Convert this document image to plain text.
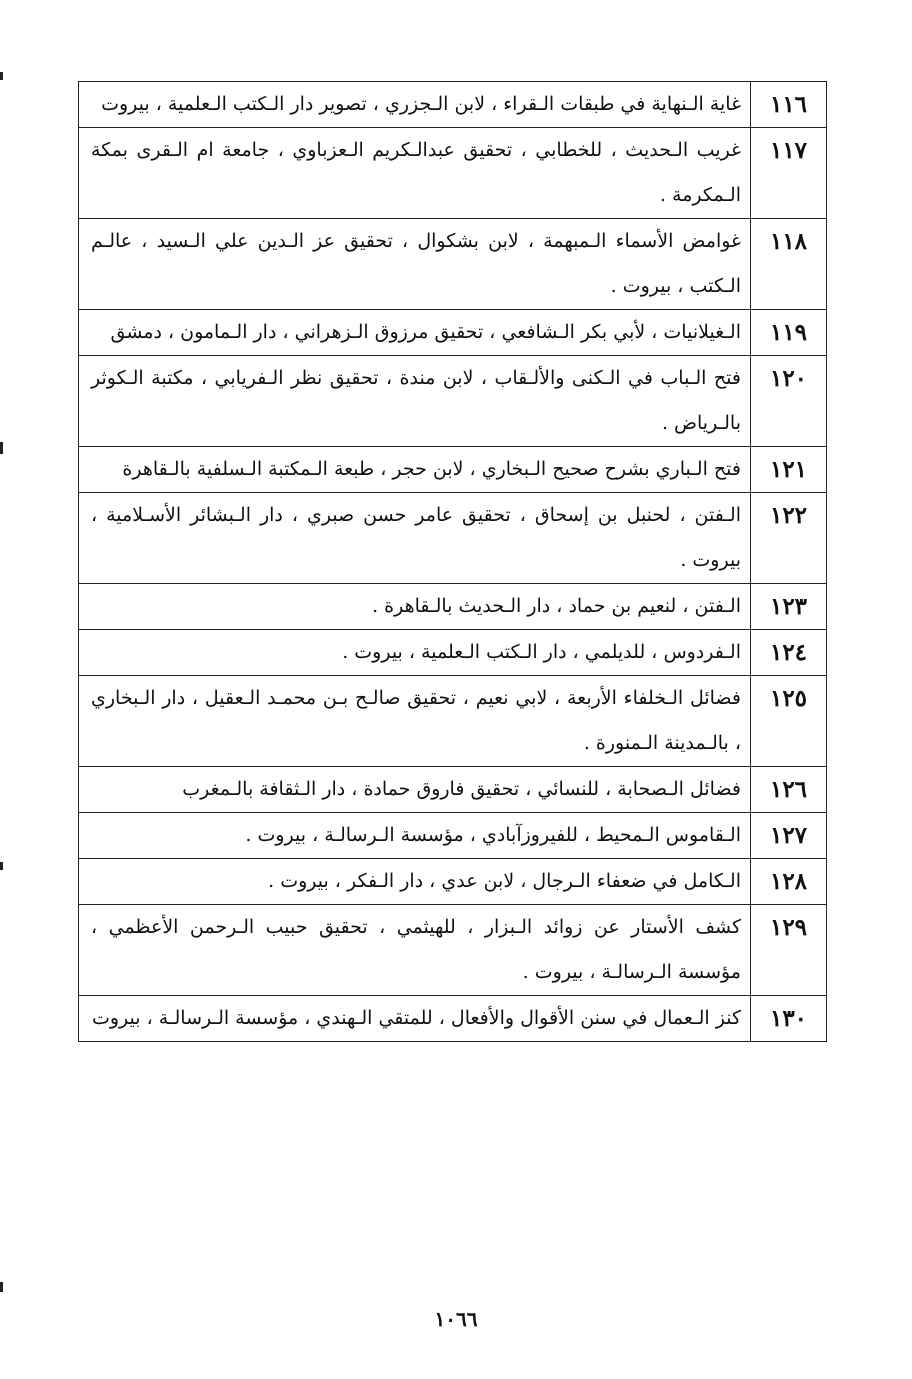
١١٦	غاية الـنهاية في طبقات الـقراء ، لابن الـجزري ، تصوير دار الـكتب الـعلمية ، بيروت
١١٧	غريب الـحديث ، للخطابي ، تحقيق عبدالـكريم الـعزباوي ، جامعة ام الـقرى بمكة الـمكرمة .
١١٨	غوامض الأسماء الـمبهمة ، لابن بشكوال ، تحقيق عز الـدين علي الـسيد ، عالـم الـكتب ، بيروت .
١١٩	الـغيلانيات ، لأبي بكر الـشافعي ، تحقيق مرزوق الـزهراني ، دار الـمامون ، دمشق
١٢٠	فتح الـباب في الـكنى والألـقاب ، لابن مندة ، تحقيق نظر الـفريابي ، مكتبة الـكوثر بالـرياض .
١٢١	فتح الـباري بشرح صحيح الـبخاري ، لابن حجر ، طبعة الـمكتبة الـسلفية بالـقاهرة
١٢٢	الـفتن ، لحنبل بن إسحاق ، تحقيق عامر حسن صبري ، دار الـبشائر الأسـلامية ، بيروت .
١٢٣	الـفتن ، لنعيم بن حماد ، دار الـحديث بالـقاهرة .
١٢٤	الـفردوس ، للديلمي ، دار الـكتب الـعلمية ، بيروت .
١٢٥	فضائل الـخلفاء الأربعة ، لابي نعيم ، تحقيق صالـح بـن محمـد الـعقيل ، دار الـبخاري ، بالـمدينة الـمنورة .
١٢٦	فضائل الـصحابة ، للنسائي ، تحقيق فاروق حمادة ، دار الـثقافة بالـمغرب
١٢٧	الـقاموس الـمحيط ، للفيروزآبادي ، مؤسسة الـرسالـة ، بيروت .
١٢٨	الـكامل في ضعفاء الـرجال ، لابن عدي ، دار الـفكر ، بيروت .
١٢٩	كشف الأستار عن زوائد الـبزار ، للهيثمي ، تحقيق حبيب الـرحمن الأعظمي ، مؤسسة الـرسالـة ، بيروت .
١٣٠	كنز الـعمال في سنن الأقوال والأفعال ، للمتقي الـهندي ، مؤسسة الـرسالـة ، بيروت
١٠٦٦
